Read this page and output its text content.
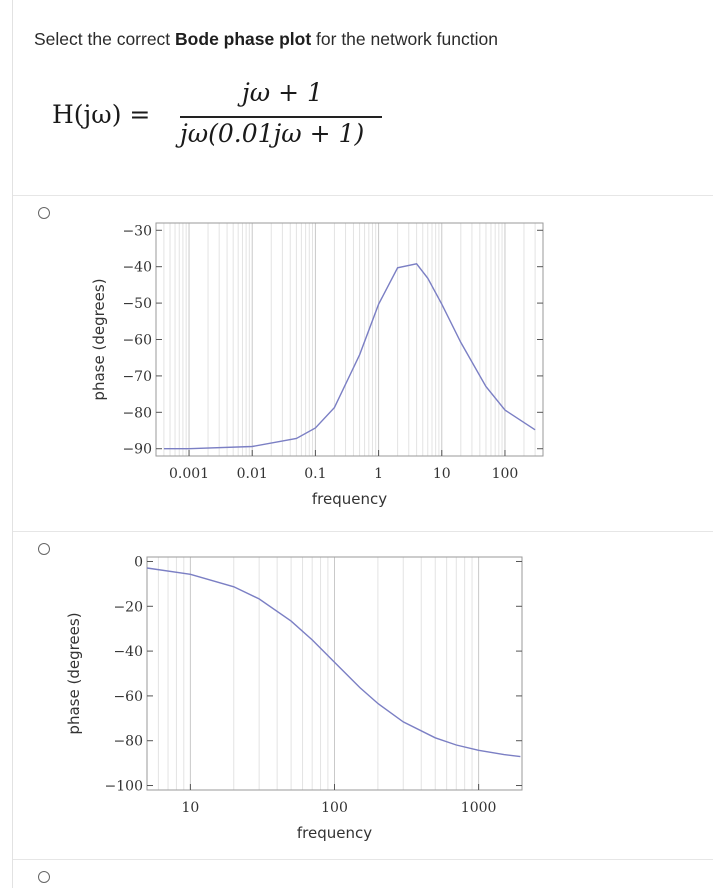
Select the correct Bode phase plot for the network function
H(jω) =
jω + 1
jω(0.01jω + 1)
−30
−40
−50
−60
−70
−80
−90
0.001 0.01	0.1	1	10	100
frequency
phase (degrees)
0
−20
−40
−60
−80
−100
10	100	1000
frequency
phase (degrees)
